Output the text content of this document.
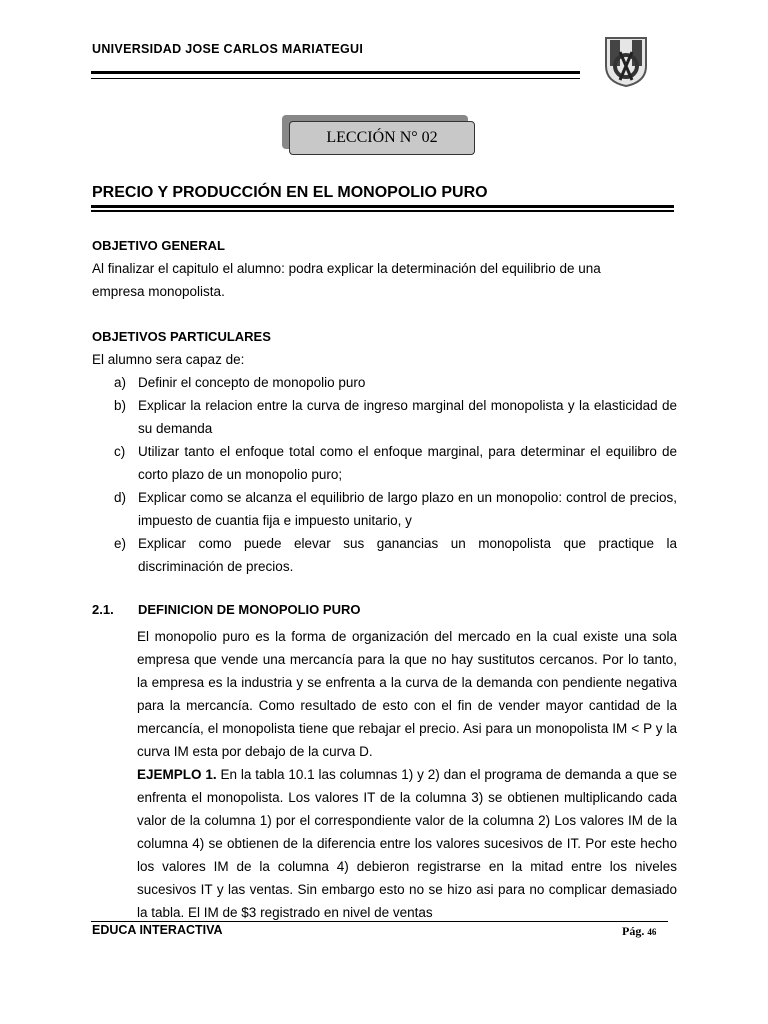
UNIVERSIDAD JOSE CARLOS MARIATEGUI
LECCIÓN N° 02
PRECIO Y PRODUCCIÓN EN EL MONOPOLIO PURO
OBJETIVO GENERAL
Al finalizar el capitulo el alumno: podra explicar la determinación del equilibrio de una
empresa monopolista.
OBJETIVOS PARTICULARES
El alumno sera capaz de:
a) Definir el concepto de monopolio puro
b) Explicar la relacion entre la curva de ingreso marginal del monopolista y la elasticidad de su demanda
c) Utilizar tanto el enfoque total como el enfoque marginal, para determinar el equilibro de corto plazo de un monopolio puro;
d) Explicar como se alcanza el equilibrio de largo plazo en un monopolio: control de precios, impuesto de cuantia fija e impuesto unitario, y
e) Explicar como puede elevar sus ganancias un monopolista que practique la discriminación de precios.
2.1. DEFINICION DE MONOPOLIO PURO

El monopolio puro es la forma de organización del mercado en la cual existe una sola empresa que vende una mercancía para la que no hay sustitutos cercanos. Por lo tanto, la empresa es la industria y se enfrenta a la curva de la demanda con pendiente negativa para la mercancía. Como resultado de esto con el fin de vender mayor cantidad de la mercancía, el monopolista tiene que rebajar el precio. Asi para un monopolista IM < P y la curva IM esta por debajo de la curva D.

EJEMPLO 1. En la tabla 10.1 las columnas 1) y 2) dan el programa de demanda a que se enfrenta el monopolista. Los valores IT de la columna 3) se obtienen multiplicando cada valor de la columna 1) por el correspondiente valor de la columna 2) Los valores IM de la columna 4) se obtienen de la diferencia entre los valores sucesivos de IT. Por este hecho los valores IM de la columna 4) debieron registrarse en la mitad entre los niveles sucesivos IT y las ventas. Sin embargo esto no se hizo asi para no complicar demasiado la tabla. El IM de $3 registrado en nivel de ventas

EDUCA INTERACTIVA	Pág. 46
